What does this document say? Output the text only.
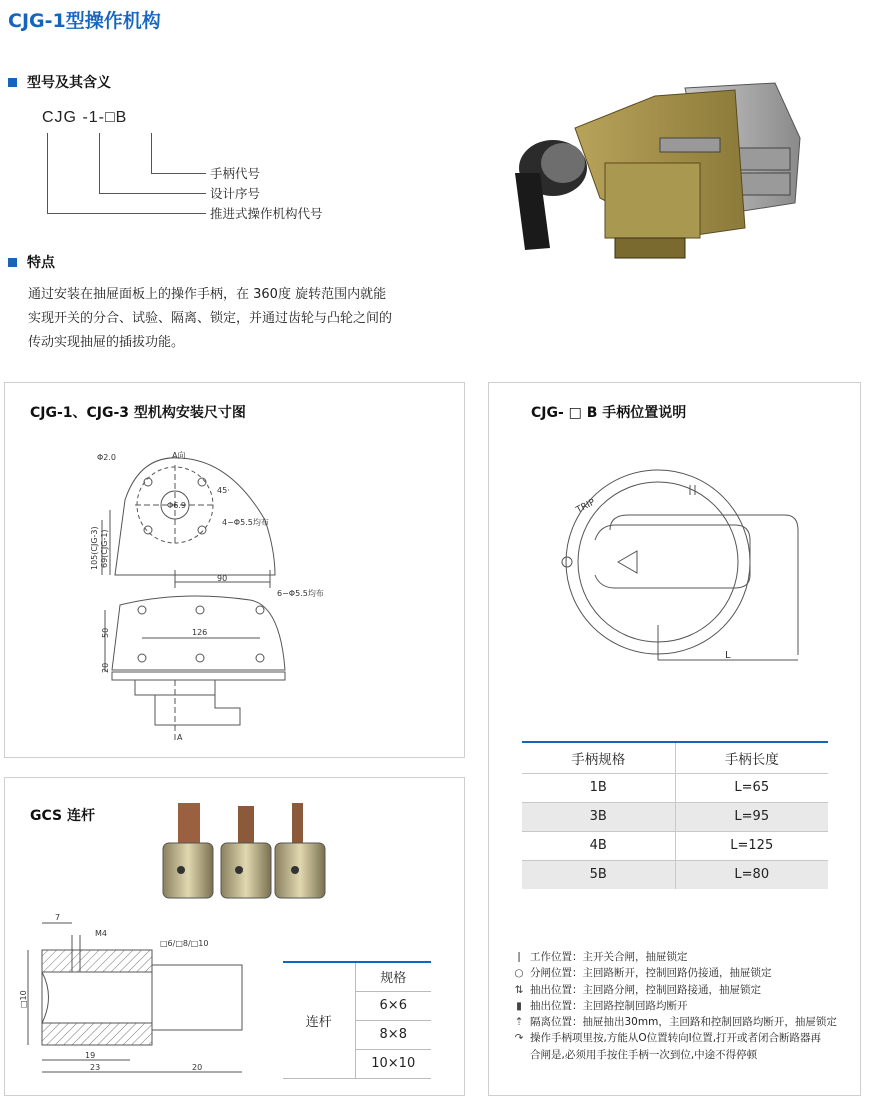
CJG-1型操作机构
型号及其含义
CJG -1-□B
手柄代号
设计序号
推进式操作机构代号
特点
通过安装在抽屉面板上的操作手柄，在 360度 旋转范围内就能
实现开关的分合、试验、隔离、锁定，并通过齿轮与凸轮之间的
传动实现抽屉的插拔功能。
CJG-1、CJG-3 型机构安装尺寸图
Φ2.0	A向
45·
Φ6.9
4−Φ5.5均布
105(CJG-3) 69(CJG-1)
90
6−Φ5.5均布
50	126
20
A
CJG- □ B 手柄位置说明
TRIP
L
手柄规格	手柄长度
1B	L=65
3B	L=95
4B	L=125
5B	L=80
ǀ 工作位置：主开关合闸，抽屉锁定
○ 分闸位置：主回路断开，控制回路仍接通，抽屉锁定
⇅ 抽出位置：主回路分闸，控制回路接通，抽屉锁定
▮ 抽出位置：主回路控制回路均断开
⇡ 隔离位置：抽屉抽出30mm，主回路和控制回路均断开，抽屉锁定
↷ 操作手柄项里按,方能从O位置转向I位置,打开或者闭合断路器再
合闸是,必须用手按住手柄一次到位,中途不得停顿
GCS 连杆
7
M4
□6/□8/□10
□10
19
23	20
连杆	规格
6×6
8×8
10×10
